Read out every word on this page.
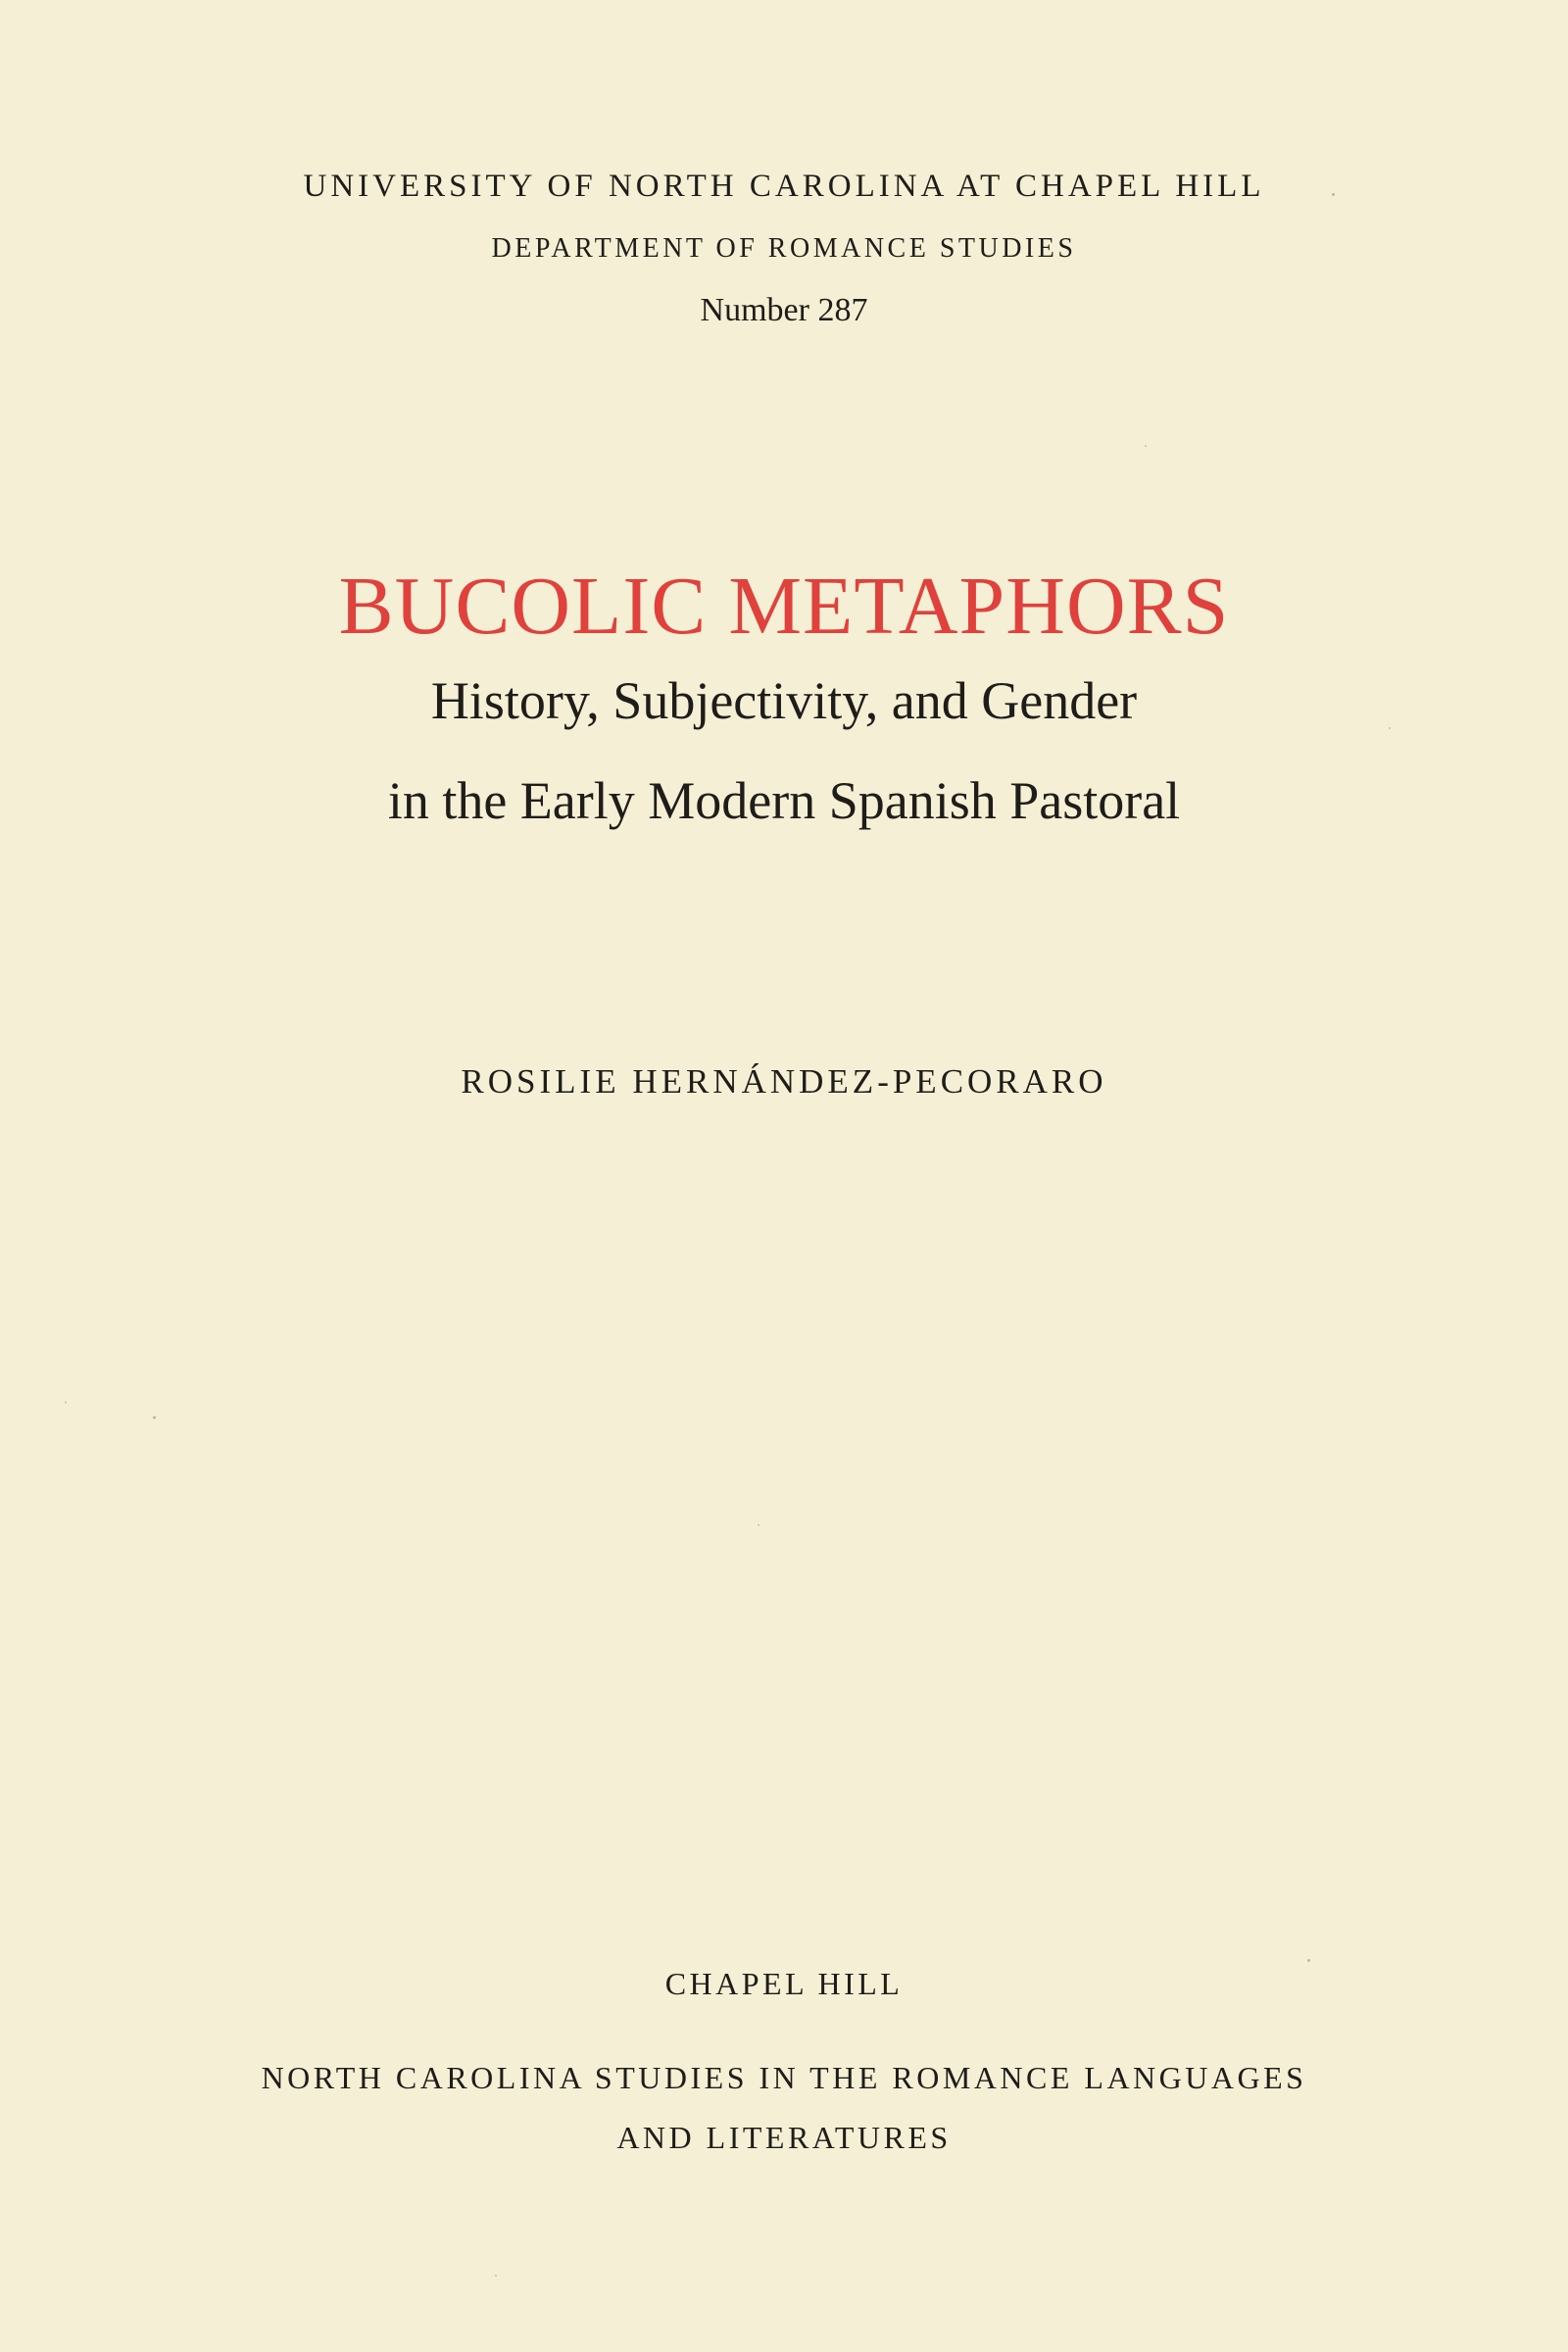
UNIVERSITY OF NORTH CAROLINA AT CHAPEL HILL

DEPARTMENT OF ROMANCE STUDIES

Number 287

BUCOLIC METAPHORS

History, Subjectivity, and Gender

in the Early Modern Spanish Pastoral

ROSILIE HERNÁNDEZ-PECORARO

CHAPEL HILL

NORTH CAROLINA STUDIES IN THE ROMANCE LANGUAGES

AND LITERATURES
